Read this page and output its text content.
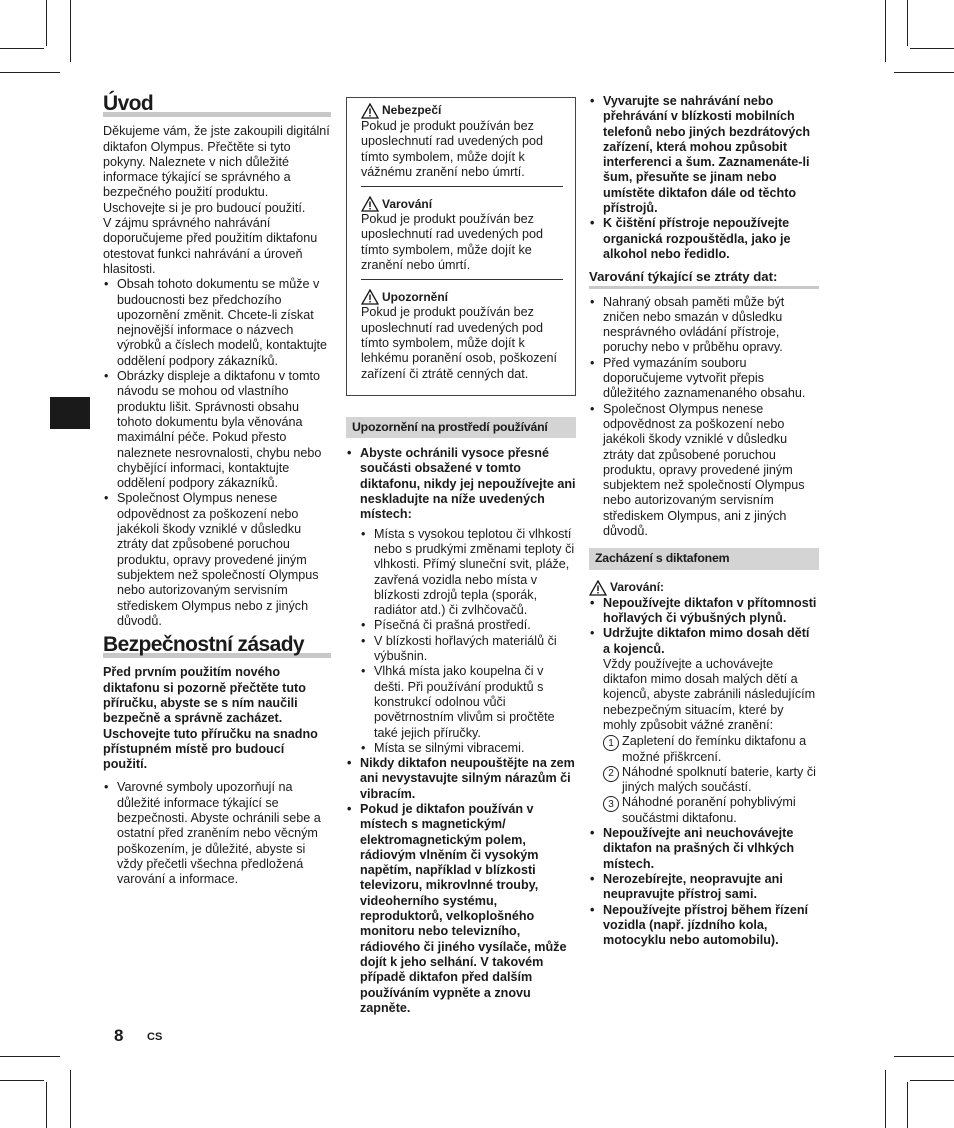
Úvod

Děkujeme vám, že jste zakoupili digitální diktafon Olympus. Přečtěte si tyto pokyny. Naleznete v nich důležité informace týkající se správného a bezpečného použití produktu. Uschovejte si je pro budoucí použití.

V zájmu správného nahrávání doporučujeme před použitím diktafonu otestovat funkci nahrávání a úroveň hlasitosti.

• Obsah tohoto dokumentu se může v budoucnosti bez předchozího upozornění změnit. Chcete-li získat nejnovější informace o názvech výrobků a číslech modelů, kontaktujte oddělení podpory zákazníků.
• Obrázky displeje a diktafonu v tomto návodu se mohou od vlastního produktu lišit. Správnosti obsahu tohoto dokumentu byla věnována maximální péče. Pokud přesto naleznete nesrovnalosti, chybu nebo chybějící informaci, kontaktujte oddělení podpory zákazníků.
• Společnost Olympus nenese odpovědnost za poškození nebo jakékoli škody vzniklé v důsledku ztráty dat způsobené poruchou produktu, opravy provedené jiným subjektem než společností Olympus nebo autorizovaným servisním střediskem Olympus nebo z jiných důvodů.
Bezpečnostní zásady

Před prvním použitím nového diktafonu si pozorně přečtěte tuto příručku, abyste se s ním naučili bezpečně a správně zacházet. Uschovejte tuto příručku na snadno přístupném místě pro budoucí použití.

• Varovné symboly upozorňují na důležité informace týkající se bezpečnosti. Abyste ochránili sebe a ostatní před zraněním nebo věcným poškozením, je důležité, abyste si vždy přečetli všechna předložená varování a informace.
Nebezpečí

Pokud je produkt používán bez uposlechnutí rad uvedených pod tímto symbolem, může dojít k vážnému zranění nebo úmrtí.

Varování

Pokud je produkt používán bez uposlechnutí rad uvedených pod tímto symbolem, může dojít ke zranění nebo úmrtí.

Upozornění

Pokud je produkt používán bez uposlechnutí rad uvedených pod tímto symbolem, může dojít k lehkému poranění osob, poškození zařízení či ztrátě cenných dat.

Upozornění na prostředí používání
• Abyste ochránili vysoce přesné součásti obsažené v tomto diktafonu, nikdy jej nepoužívejte ani neskladujte na níže uvedených místech:
• Místa s vysokou teplotou či vlhkostí nebo s prudkými změnami teploty či vlhkosti. Přímý sluneční svit, pláže, zavřená vozidla nebo místa v blízkosti zdrojů tepla (sporák, radiátor atd.) či zvlhčovačů.
• Písečná či prašná prostředí.
• V blízkosti hořlavých materiálů či výbušnin.
• Vlhká místa jako koupelna či v dešti. Při používání produktů s konstrukcí odolnou vůči povětrnostním vlivům si pročtěte také jejich příručky.
• Místa se silnými vibracemi.
• Nikdy diktafon neupouštějte na zem ani nevystavujte silným nárazům či vibracím.
• Pokud je diktafon používán v místech s magnetickým/ elektromagnetickým polem, rádiovým vlněním či vysokým napětím, například v blízkosti televizoru, mikrovlnné trouby, videoherního systému, reproduktorů, velkoplošného monitoru nebo televizního, rádiového či jiného vysílače, může dojít k jeho selhání. V takovém případě diktafon před dalším používáním vypněte a znovu zapněte.
• Vyvarujte se nahrávání nebo přehrávání v blízkosti mobilních telefonů nebo jiných bezdrátových zařízení, která mohou způsobit interferenci a šum. Zaznamenáte-li šum, přesuňte se jinam nebo umístěte diktafon dále od těchto přístrojů.
• K čištění přístroje nepoužívejte organická rozpouštědla, jako je alkohol nebo ředidlo.
Varování týkající se ztráty dat:
• Nahraný obsah paměti může být zničen nebo smazán v důsledku nesprávného ovládání přístroje, poruchy nebo v průběhu opravy.
• Před vymazáním souboru doporučujeme vytvořit přepis důležitého zaznamenaného obsahu.
• Společnost Olympus nenese odpovědnost za poškození nebo jakékoli škody vzniklé v důsledku ztráty dat způsobené poruchou produktu, opravy provedené jiným subjektem než společností Olympus nebo autorizovaným servisním střediskem Olympus, ani z jiných důvodů.
Zacházení s diktafonem
Varování:
• Nepoužívejte diktafon v přítomnosti hořlavých či výbušných plynů.
• Udržujte diktafon mimo dosah dětí a kojenců.
Vždy používejte a uchovávejte diktafon mimo dosah malých dětí a kojenců, abyste zabránili následujícím nebezpečným situacím, které by mohly způsobit vážné zranění:
1 Zapletení do řemínku diktafonu a možné přiškrcení.
2 Náhodné spolknutí baterie, karty či jiných malých součástí.
3 Náhodné poranění pohyblivými součástmi diktafonu.
• Nepoužívejte ani neuchovávejte diktafon na prašných či vlhkých místech.
• Nerozebírejte, neopravujte ani neupravujte přístroj sami.
• Nepoužívejte přístroj během řízení vozidla (např. jízdního kola, motocyklu nebo automobilu).
8 CS
